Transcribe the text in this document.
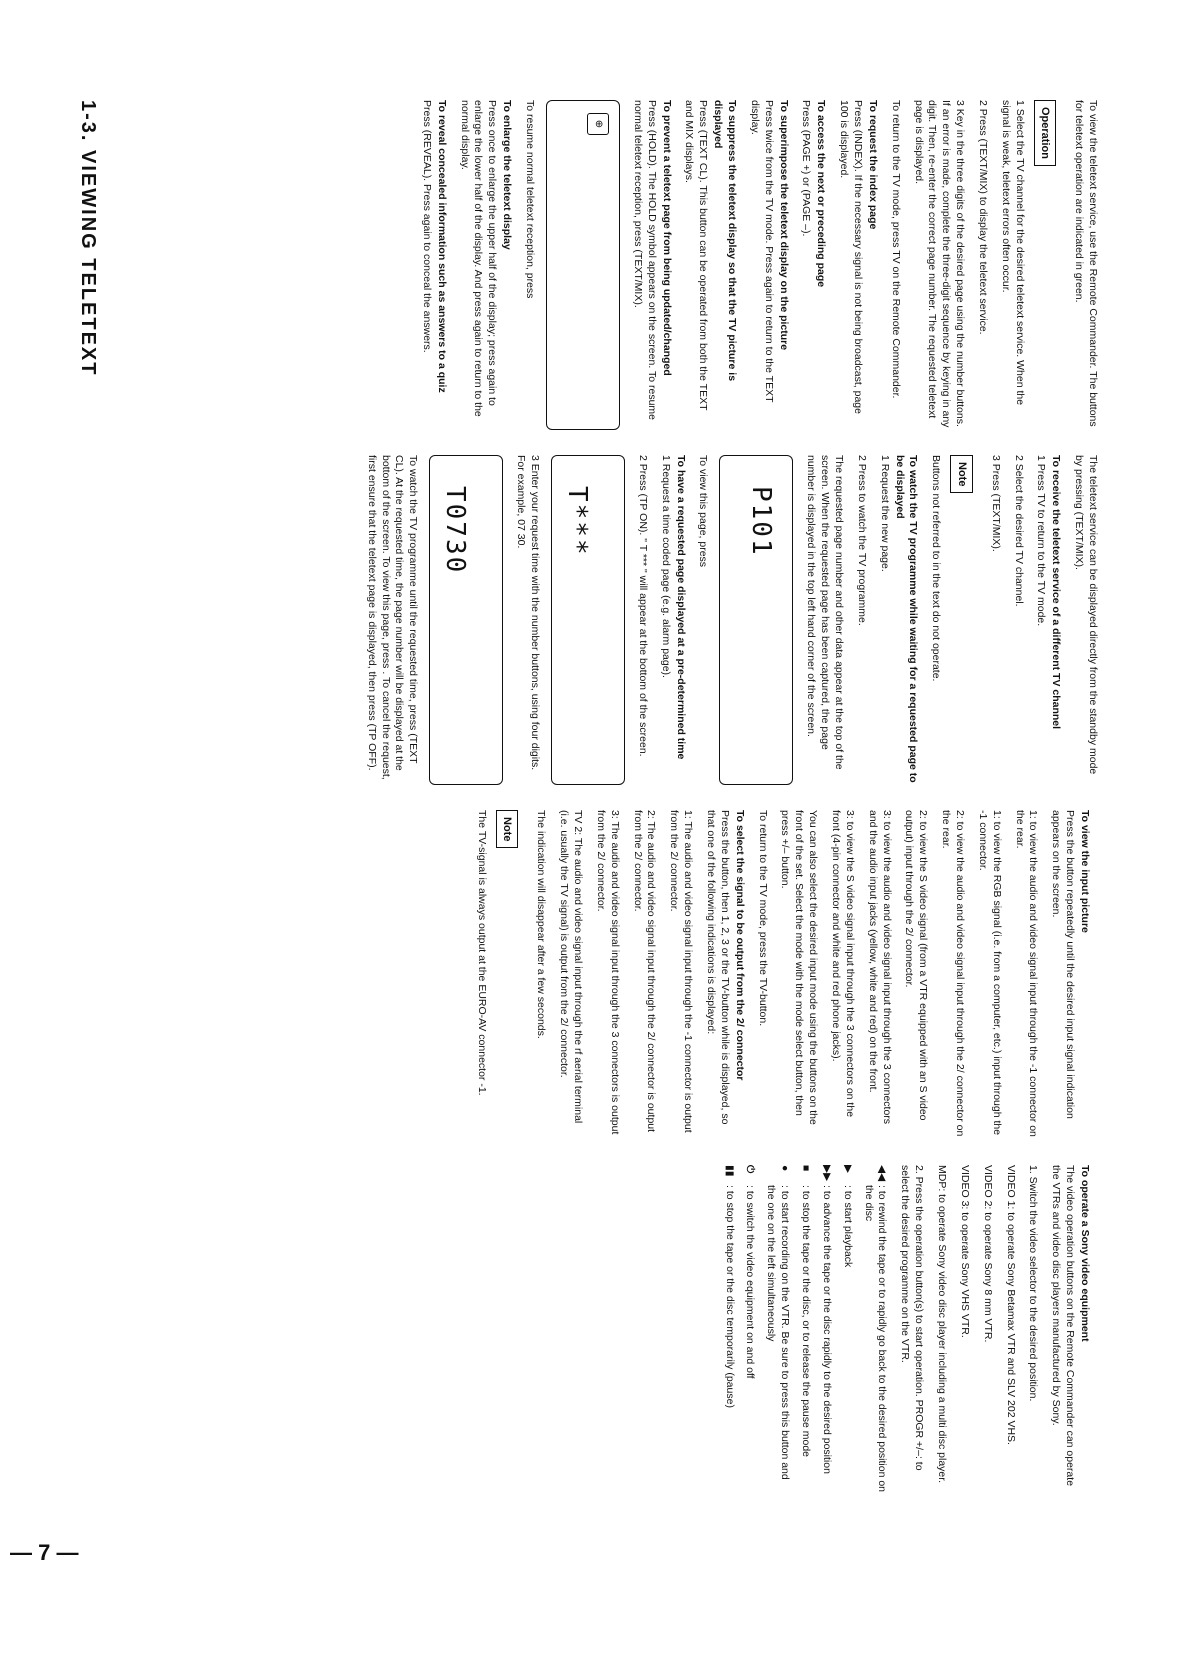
To view the teletext service, use the Remote Commander. The buttons for teletext operation are indicated in green.

Operation

1 Select the TV channel for the desired teletext service. When the signal is weak, teletext errors often occur.

2 Press (TEXT/MIX) to display the teletext service.

3 Key in the three digits of the desired page using the number buttons. If an error is made, complete the three-digit sequence by keying in any digit. Then, re-enter the correct page number. The requested teletext page is displayed.

To return to the TV mode, press TV on the Remote Commander.

To request the index page

Press (INDEX). If the necessary signal is not being broadcast, page 100 is displayed.

To access the next or preceding page

Press (PAGE +) or (PAGE –).

To superimpose the teletext display on the picture

Press twice from the TV mode. Press again to return to the TEXT display.

To suppress the teletext display so that the TV picture is displayed

Press (TEXT CL). This button can be operated from both the TEXT and MIX displays.

To prevent a teletext page from being updated/changed

Press (HOLD). The HOLD symbol appears on the screen. To resume normal teletext reception, press (TEXT/MIX).

⊕

To resume normal teletext reception, press

To enlarge the teletext display

Press once to enlarge the upper half of the display; press again to enlarge the lower half of the display. And press again to return to the normal display.

To reveal concealed information such as answers to a quiz

Press (REVEAL). Press again to conceal the answers.

The teletext service can be displayed directly from the standby mode by pressing (TEXT/MIX).

To receive the teletext service of a different TV channel

1 Press TV to return to the TV mode.

2 Select the desired TV channel.

3 Press (TEXT/MIX).

Note

Buttons not referred to in the text do not operate.

To watch the TV programme while waiting for a requested page to be displayed

1 Request the new page.

2 Press to watch the TV programme.

The requested page number and other data appear at the top of the screen. When the requested page has been captured, the page number is displayed in the top left hand corner of the screen.

P101

To view this page, press

To have a requested page displayed at a pre-determined time

1 Request a time coded page (e.g. alarm page).

2 Press (TP ON). " T *** " will appear at the bottom of the screen.

T***

3 Enter your request time with the number buttons, using four digits. For example, 07 30.

T0730

To watch the TV programme until the requested time, press (TEXT CL). At the requested time, the page number will be displayed at the bottom of the screen. To view this page, press . To cancel the request, first ensure that the teletext page is displayed, then press (TP OFF).

To view the input picture

Press the button repeatedly until the desired input signal indication appears on the screen.

1: to view the audio and video signal input through the -1 connector on the rear.

1: to view the RGB signal (i.e. from a computer, etc.) input through the -1 connector.

2: to view the audio and video signal input through the 2/ connector on the rear.

2: to view the S video signal (from a VTR equipped with an S video output) input through the 2/ connector.

3: to view the audio and video signal input through the 3 connectors and the audio input jacks (yellow, white and red) on the front.

3: to view the S video signal input through the 3 connectors on the front (4-pin connector and white and red phone jacks).

You can also select the desired input mode using the buttons on the front of the set. Select the mode with the mode select button, then press +/– button.

To return to the TV mode, press the TV-button.

To select the signal to be output from the 2/ connector

Press the button, then 1, 2, 3 or the TV-button while is displayed, so that one of the following indications is displayed:

1: The audio and video signal input through the -1 connector is output from the 2/ connector.

2: The audio and video signal input through the 2/ connector is output from the 2/ connector.

3: The audio and video signal input through the 3 connectors is output from the 2/ connector.

TV 2: The audio and video signal input through the rf aerial terminal (i.e. usually the TV signal) is output from the 2/ connector.

The indication will disappear after a few seconds.

Note

The TV-signal is always output at the EURO-AV connector -1.

To operate a Sony video equipment

The video operation buttons on the Remote Commander can operate the VTRs and video disc players manufactured by Sony.

1. Switch the video selector to the desired position.

VIDEO 1: to operate Sony Betamax VTR and SLV 202 VHS.

VIDEO 2: to operate Sony 8 mm VTR.

VIDEO 3: to operate Sony VHS VTR.

MDP: to operate Sony video disc player including a multi disc player.

2. Press the operation button(s) to start operation. PROGR +/–: to select the desired programme on the VTR.

◀◀
: to rewind the tape or to rapidly go back to the desired position on the disc
▶
: to start playback
▶▶
: to advance the tape or the disc rapidly to the desired position
■
: to stop the tape or the disc, or to release the pause mode
●
: to start recording on the VTR. Be sure to press this button and the one on the left simultaneously
⏻
: to switch the video equipment on and off
▮▮
: to stop the tape or the disc temporarily (pause)
1-3. VIEWING TELETEXT
— 7 —
